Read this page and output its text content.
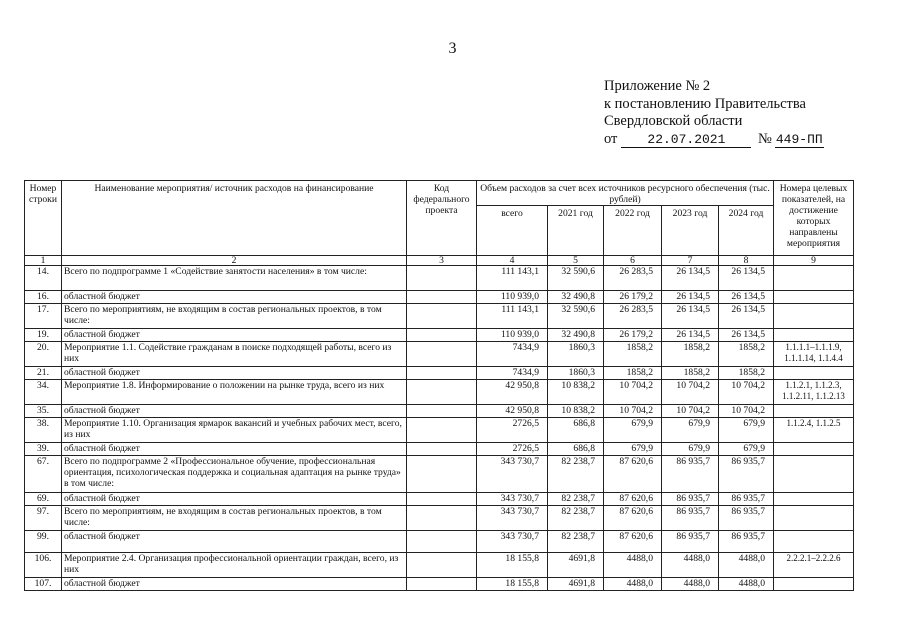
3
Приложение № 2
к постановлению Правительства
Свердловской области
от 22.07.2021 № 449-ПП
Номер строки	Наименование мероприятия/ источник расходов на финансирование	Код федерального проекта	Объем расходов за счет всех источников ресурсного обеспечения (тыс. рублей)					Номера целевых показателей, на достижение которых направлены мероприятия
			всего	2021 год	2022 год	2023 год	2024 год	
1	2	3	4	5	6	7	8	9
14.	Всего по подпрограмме 1 «Содействие занятости населения» в том числе:		111 143,1	32 590,6	26 283,5	26 134,5	26 134,5	
16.	областной бюджет		110 939,0	32 490,8	26 179,2	26 134,5	26 134,5	
17.	Всего по мероприятиям, не входящим в состав региональных проектов, в том числе:		111 143,1	32 590,6	26 283,5	26 134,5	26 134,5	
19.	областной бюджет		110 939,0	32 490,8	26 179,2	26 134,5	26 134,5	
20.	Мероприятие 1.1. Содействие гражданам в поиске подходящей работы, всего из них		7434,9	1860,3	1858,2	1858,2	1858,2	1.1.1.1–1.1.1.9, 1.1.1.14, 1.1.4.4
21.	областной бюджет		7434,9	1860,3	1858,2	1858,2	1858,2	
34.	Мероприятие 1.8. Информирование о положении на рынке труда, всего из них		42 950,8	10 838,2	10 704,2	10 704,2	10 704,2	1.1.2.1, 1.1.2.3, 1.1.2.11, 1.1.2.13
35.	областной бюджет		42 950,8	10 838,2	10 704,2	10 704,2	10 704,2	
38.	Мероприятие 1.10. Организация ярмарок вакансий и учебных рабочих мест, всего, из них		2726,5	686,8	679,9	679,9	679,9	1.1.2.4, 1.1.2.5
39.	областной бюджет		2726,5	686,8	679,9	679,9	679,9	
67.	Всего по подпрограмме 2 «Профессиональное обучение, профессиональная ориентация, психологическая поддержка и социальная адаптация на рынке труда» в том числе:		343 730,7	82 238,7	87 620,6	86 935,7	86 935,7	
69.	областной бюджет		343 730,7	82 238,7	87 620,6	86 935,7	86 935,7	
97.	Всего по мероприятиям, не входящим в состав региональных проектов, в том числе:		343 730,7	82 238,7	87 620,6	86 935,7	86 935,7	
99.	областной бюджет		343 730,7	82 238,7	87 620,6	86 935,7	86 935,7	
106.	Мероприятие 2.4. Организация профессиональной ориентации граждан, всего, из них		18 155,8	4691,8	4488,0	4488,0	4488,0	2.2.2.1–2.2.2.6
107.	областной бюджет		18 155,8	4691,8	4488,0	4488,0	4488,0	
